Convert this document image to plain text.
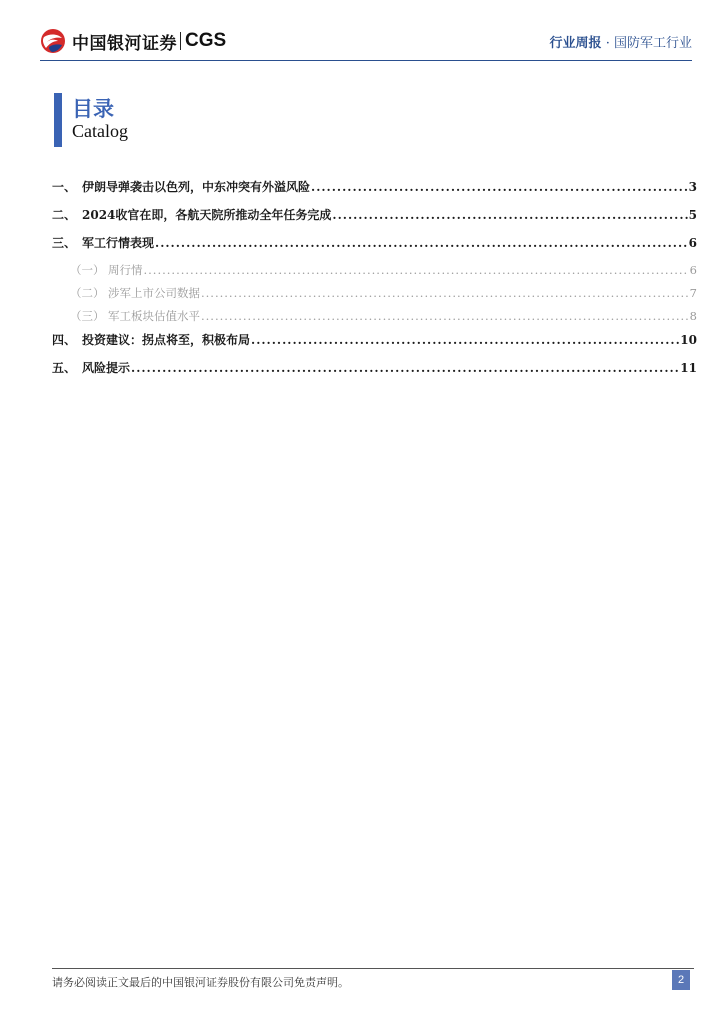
中国银河证券 CGS	行业周报 · 国防军工行业
目录
Catalog
一、 伊朗导弹袭击以色列，中东冲突有外溢风险 .....	3
二、 2024收官在即，各航天院所推动全年任务完成 .....	5
三、 军工行情表现 .....	6
（一） 周行情 .....	6
（二） 涉军上市公司数据 .....	7
（三） 军工板块估值水平 .....	8
四、 投资建议：拐点将至，积极布局 .....	10
五、 风险提示 .....	11
请务必阅读正文最后的中国银河证券股份有限公司免责声明。	2
